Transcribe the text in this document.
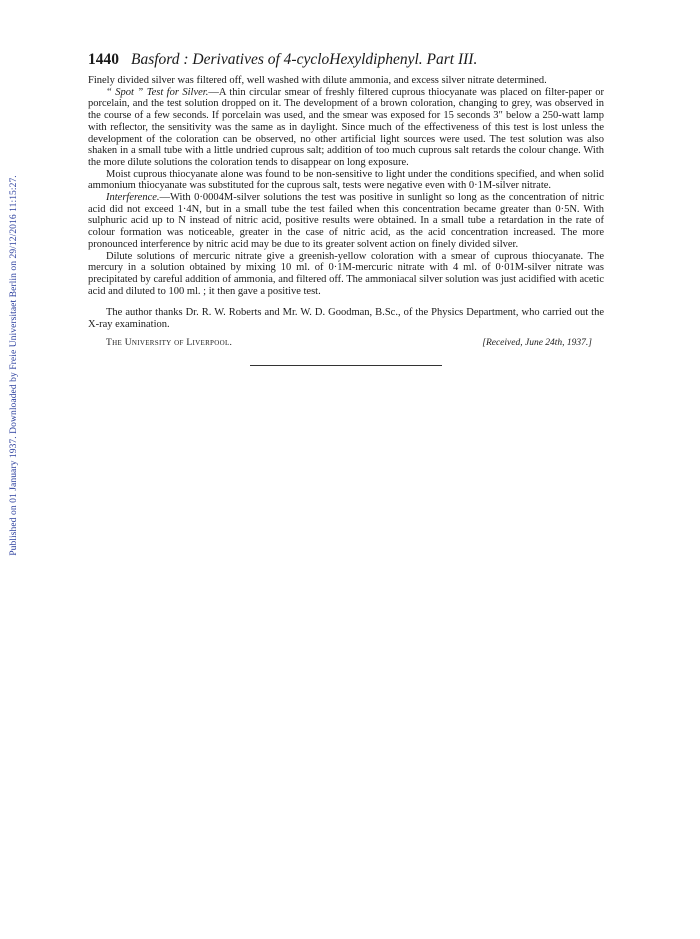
Published on 01 January 1937. Downloaded by Freie Universitaet Berlin on 29/12/2016 11:15:27.
1440 Basford : Derivatives of 4-cycloHexyldiphenyl. Part III.

Finely divided silver was filtered off, well washed with dilute ammonia, and excess silver nitrate determined.

“ Spot ” Test for Silver.—A thin circular smear of freshly filtered cuprous thiocyanate was placed on filter-paper or porcelain, and the test solution dropped on it. The development of a brown coloration, changing to grey, was observed in the course of a few seconds. If porcelain was used, and the smear was exposed for 15 seconds 3″ below a 250-watt lamp with reflector, the sensitivity was the same as in daylight. Since much of the effectiveness of this test is lost unless the development of the coloration can be observed, no other artificial light sources were used. The test solution was also shaken in a small tube with a little undried cuprous salt; addition of too much cuprous salt retards the colour change. With the more dilute solutions the coloration tends to disappear on long exposure.

Moist cuprous thiocyanate alone was found to be non-sensitive to light under the conditions specified, and when solid ammonium thiocyanate was substituted for the cuprous salt, tests were negative even with 0·1M-silver nitrate.

Interference.—With 0·0004M-silver solutions the test was positive in sunlight so long as the concentration of nitric acid did not exceed 1·4N, but in a small tube the test failed when this concentration became greater than 0·5N. With sulphuric acid up to N instead of nitric acid, positive results were obtained. In a small tube a retardation in the rate of colour formation was noticeable, greater in the case of nitric acid, as the acid concentration increased. The more pronounced interference by nitric acid may be due to its greater solvent action on finely divided silver.

Dilute solutions of mercuric nitrate give a greenish-yellow coloration with a smear of cuprous thiocyanate. The mercury in a solution obtained by mixing 10 ml. of 0·1M-mercuric nitrate with 4 ml. of 0·01M-silver nitrate was precipitated by careful addition of ammonia, and filtered off. The ammoniacal silver solution was just acidified with acetic acid and diluted to 100 ml. ; it then gave a positive test.

The author thanks Dr. R. W. Roberts and Mr. W. D. Goodman, B.Sc., of the Physics Department, who carried out the X-ray examination.

The University of Liverpool.	[Received, June 24th, 1937.]
